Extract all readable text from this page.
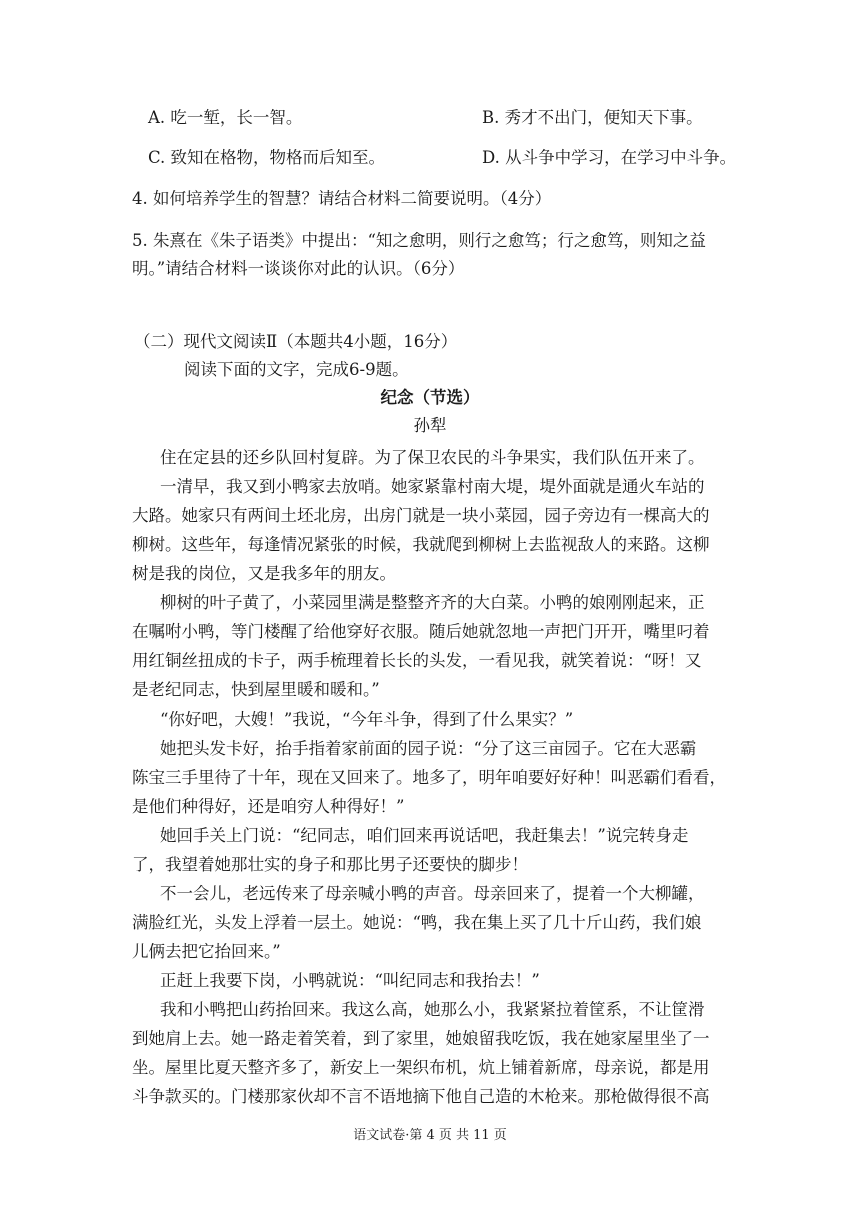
A. 吃一堑，长一智。	B. 秀才不出门，便知天下事。
C. 致知在格物，物格而后知至。	D. 从斗争中学习，在学习中斗争。
4. 如何培养学生的智慧？请结合材料二简要说明。（4分）
5. 朱熹在《朱子语类》中提出：“知之愈明，则行之愈笃；行之愈笃，则知之益
明。”请结合材料一谈谈你对此的认识。（6分）
（二）现代文阅读Ⅱ（本题共4小题，16分）
阅读下面的文字，完成6-9题。
纪念（节选）
孙犁
住在定县的还乡队回村复辟。为了保卫农民的斗争果实，我们队伍开来了。
一清早，我又到小鸭家去放哨。她家紧靠村南大堤，堤外面就是通火车站的
大路。她家只有两间土坯北房，出房门就是一块小菜园，园子旁边有一棵高大的
柳树。这些年，每逢情况紧张的时候，我就爬到柳树上去监视敌人的来路。这柳
树是我的岗位，又是我多年的朋友。
柳树的叶子黄了，小菜园里满是整整齐齐的大白菜。小鸭的娘刚刚起来，正
在嘱咐小鸭，等门楼醒了给他穿好衣服。随后她就忽地一声把门开开，嘴里叼着
用红铜丝扭成的卡子，两手梳理着长长的头发，一看见我，就笑着说：“呀！又
是老纪同志，快到屋里暖和暖和。”
“你好吧，大嫂！”我说，“今年斗争，得到了什么果实？”
她把头发卡好，抬手指着家前面的园子说：“分了这三亩园子。它在大恶霸
陈宝三手里待了十年，现在又回来了。地多了，明年咱要好好种！叫恶霸们看看，
是他们种得好，还是咱穷人种得好！”
她回手关上门说：“纪同志，咱们回来再说话吧，我赶集去！”说完转身走
了，我望着她那壮实的身子和那比男子还要快的脚步！
不一会儿，老远传来了母亲喊小鸭的声音。母亲回来了，提着一个大柳罐，
满脸红光，头发上浮着一层土。她说：“鸭，我在集上买了几十斤山药，我们娘
儿俩去把它抬回来。”
正赶上我要下岗，小鸭就说：“叫纪同志和我抬去！”
我和小鸭把山药抬回来。我这么高，她那么小，我紧紧拉着筐系，不让筐滑
到她肩上去。她一路走着笑着，到了家里，她娘留我吃饭，我在她家屋里坐了一
坐。屋里比夏天整齐多了，新安上一架织布机，炕上铺着新席，母亲说，都是用
斗争款买的。门楼那家伙却不言不语地摘下他自己造的木枪来。那枪做得很不高
语文试卷·第 4 页 共 11 页
